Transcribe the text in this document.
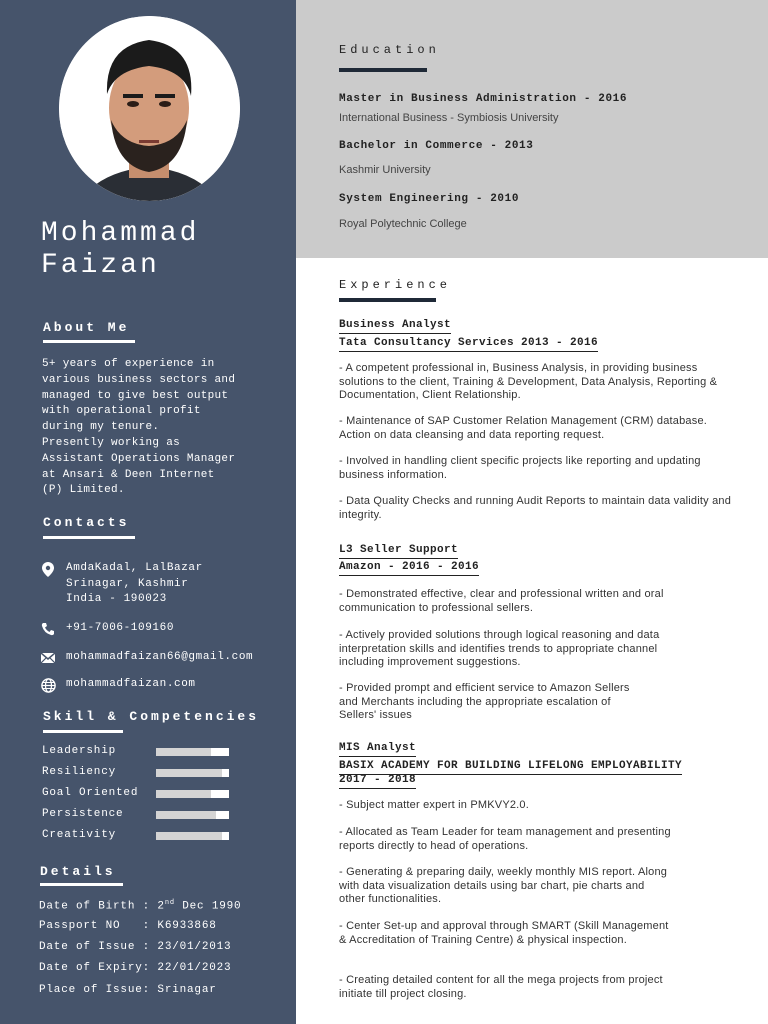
Mohammad
Faizan
About Me
5+ years of experience in
various business sectors and
managed to give best output
with operational profit
during my tenure.
Presently working as
Assistant Operations Manager
at Ansari & Deen Internet
(P) Limited.
Contacts
AmdaKadal, LalBazar
Srinagar, Kashmir
India - 190023
+91-7006-109160
mohammadfaizan66@gmail.com
mohammadfaizan.com
Skill & Competencies
Leadership
Resiliency
Goal Oriented
Persistence
Creativity
Details
Date of Birth : 2nd Dec 1990
Passport NO   : K6933868
Date of Issue : 23/01/2013
Date of Expiry: 22/01/2023
Place of Issue: Srinagar
Education
Master in Business Administration - 2016
International Business - Symbiosis University
Bachelor in Commerce - 2013
Kashmir University
System Engineering - 2010
Royal Polytechnic College
Experience
Business Analyst
Tata Consultancy Services 2013 - 2016
- A competent professional in, Business Analysis, in providing business solutions to the client, Training & Development, Data Analysis, Reporting & Documentation, Client Relationship.
- Maintenance of SAP Customer Relation Management (CRM) database. Action on data cleansing and data reporting request.
- Involved in handling client specific projects like reporting and updating business information.
- Data Quality Checks and running Audit Reports to maintain data validity and integrity.
L3 Seller Support
Amazon - 2016 - 2016
- Demonstrated effective, clear and professional written and oral communication to professional sellers.
- Actively provided solutions through logical reasoning and data interpretation skills and identifies trends to appropriate channel including improvement suggestions.
- Provided prompt and efficient service to Amazon Sellers and Merchants including the appropriate escalation of Sellers' issues
MIS Analyst
BASIX ACADEMY FOR BUILDING LIFELONG EMPLOYABILITY
2017 - 2018
- Subject matter expert in PMKVY2.0.
- Allocated as Team Leader for team management and presenting reports directly to head of operations.
- Generating & preparing daily, weekly monthly MIS report. Along with data visualization details using bar chart, pie charts and other functionalities.
- Center Set-up and approval through SMART (Skill Management & Accreditation of Training Centre) & physical inspection.
- Creating detailed content for all the mega projects from project initiate till project closing.
